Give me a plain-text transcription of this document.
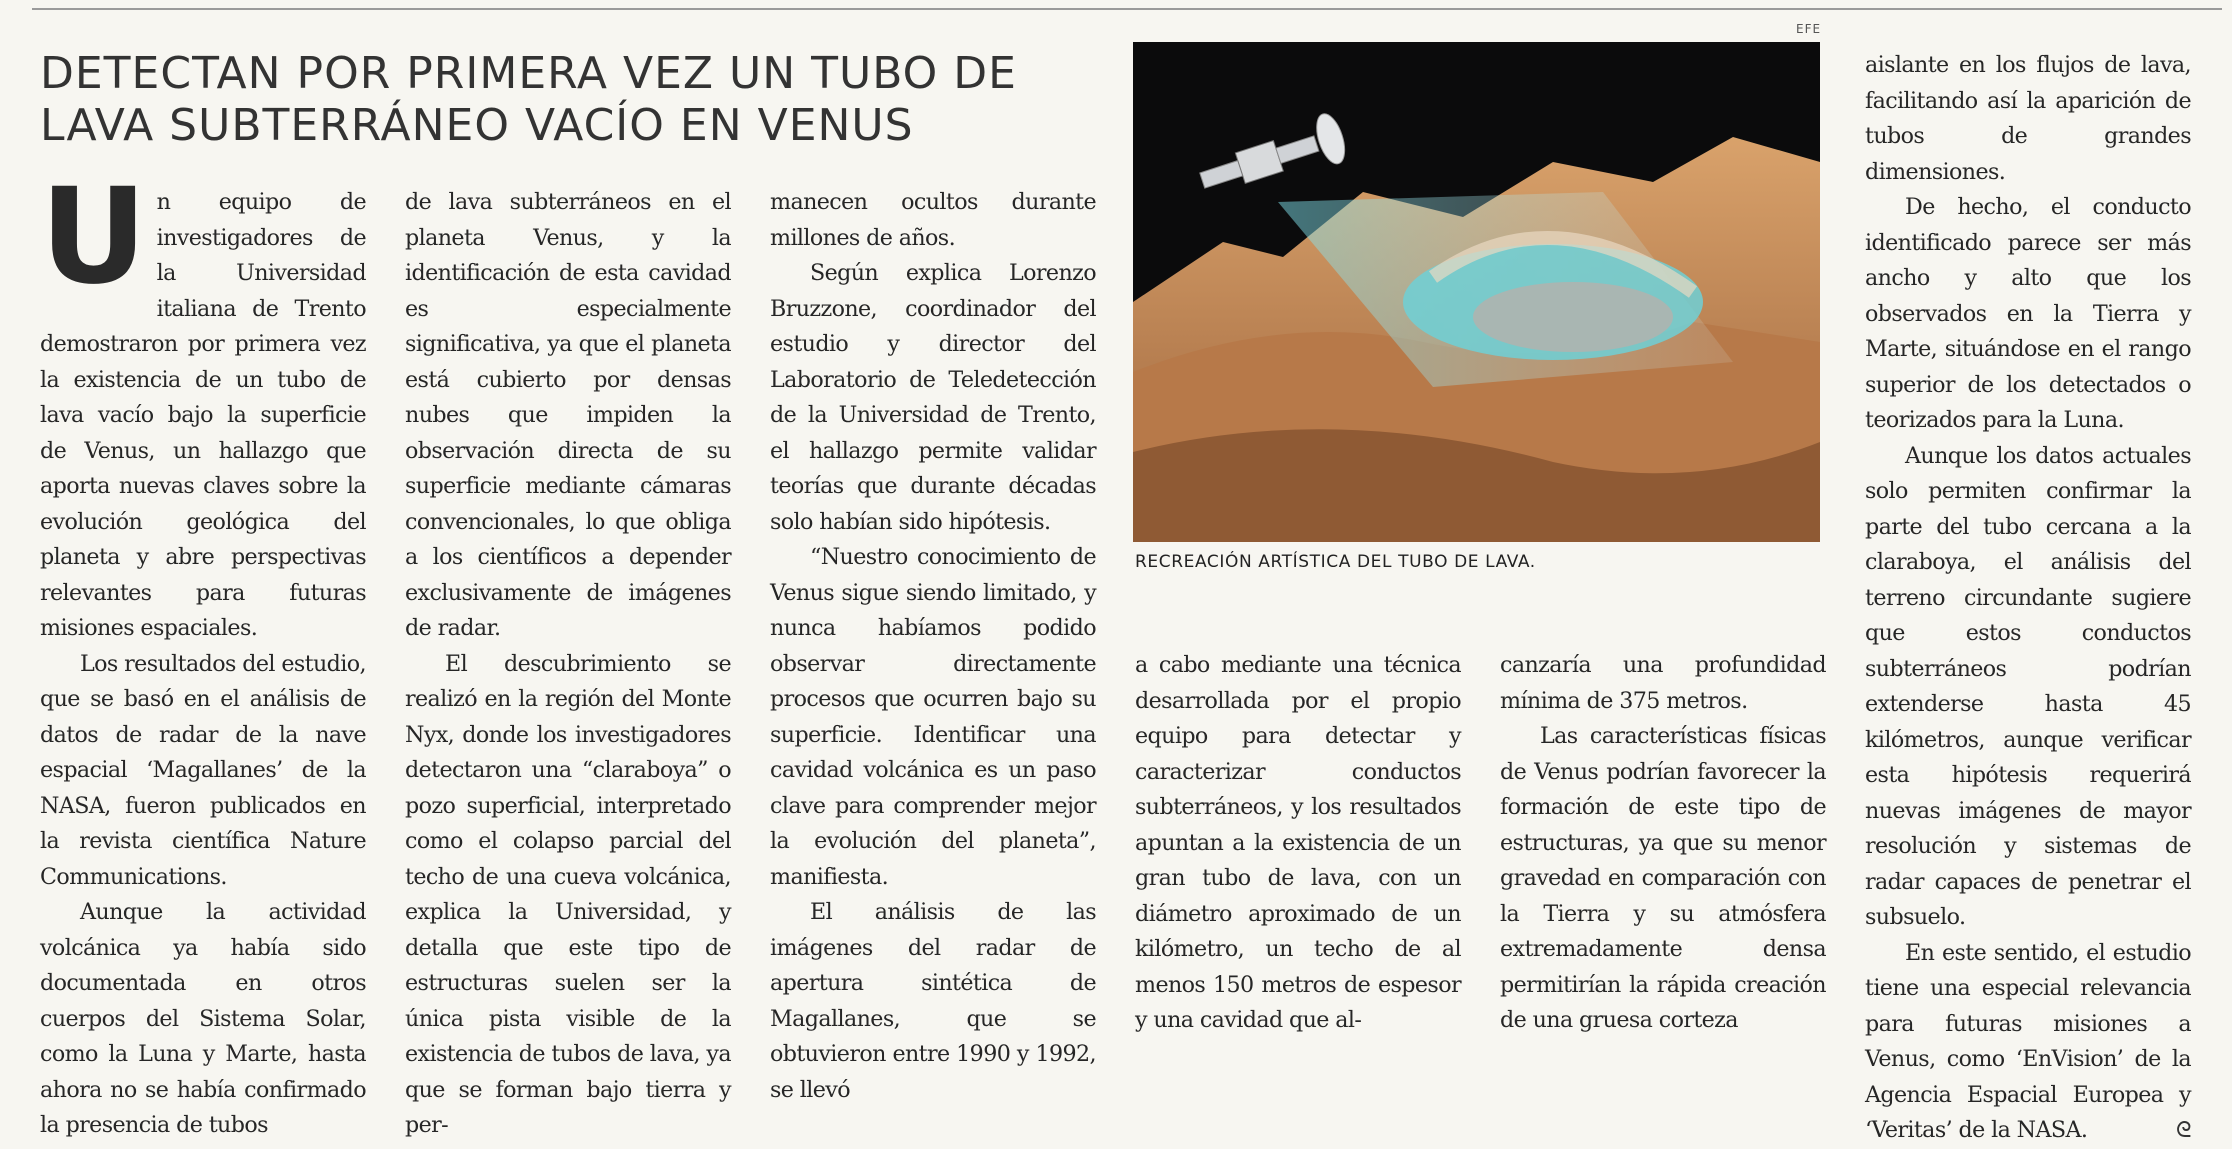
DETECTAN POR PRIMERA VEZ UN TUBO DE LAVA SUBTERRÁNEO VACÍO EN VENUS

Un equipo de investigadores de la Universidad italiana de Trento demostraron por primera vez la existencia de un tubo de lava vacío bajo la superficie de Venus, un hallazgo que aporta nuevas claves sobre la evolución geológica del planeta y abre perspectivas relevantes para futuras misiones espaciales.

Los resultados del estudio, que se basó en el análisis de datos de radar de la nave espacial ‘Magallanes’ de la NASA, fueron publicados en la revista científica Nature Communications.

Aunque la actividad volcánica ya había sido documentada en otros cuerpos del Sistema Solar, como la Luna y Marte, hasta ahora no se había confirmado la presencia de tubos

de lava subterráneos en el planeta Venus, y la identificación de esta cavidad es especialmente significativa, ya que el planeta está cubierto por densas nubes que impiden la observación directa de su superficie mediante cámaras convencionales, lo que obliga a los científicos a depender exclusivamente de imágenes de radar.

El descubrimiento se realizó en la región del Monte Nyx, donde los investigadores detectaron una “claraboya” o pozo superficial, interpretado como el colapso parcial del techo de una cueva volcánica, explica la Universidad, y detalla que este tipo de estructuras suelen ser la única pista visible de la existencia de tubos de lava, ya que se forman bajo tierra y per-

manecen ocultos durante millones de años.

Según explica Lorenzo Bruzzone, coordinador del estudio y director del Laboratorio de Teledetección de la Universidad de Trento, el hallazgo permite validar teorías que durante décadas solo habían sido hipótesis.

“Nuestro conocimiento de Venus sigue siendo limitado, y nunca habíamos podido observar directamente procesos que ocurren bajo su superficie. Identificar una cavidad volcánica es un paso clave para comprender mejor la evolución del planeta”, manifiesta.

El análisis de las imágenes del radar de apertura sintética de Magallanes, que se obtuvieron entre 1990 y 1992, se llevó

EFE
RECREACIÓN ARTÍSTICA DEL TUBO DE LAVA.

a cabo mediante una técnica desarrollada por el propio equipo para detectar y caracterizar conductos subterráneos, y los resultados apuntan a la existencia de un gran tubo de lava, con un diámetro aproximado de un kilómetro, un techo de al menos 150 metros de espesor y una cavidad que al-

canzaría una profundidad mínima de 375 metros.

Las características físicas de Venus podrían favorecer la formación de este tipo de estructuras, ya que su menor gravedad en comparación con la Tierra y su atmósfera extremadamente densa permitirían la rápida creación de una gruesa corteza

aislante en los flujos de lava, facilitando así la aparición de tubos de grandes dimensiones.

De hecho, el conducto identificado parece ser más ancho y alto que los observados en la Tierra y Marte, situándose en el rango superior de los detectados o teorizados para la Luna.

Aunque los datos actuales solo permiten confirmar la parte del tubo cercana a la claraboya, el análisis del terreno circundante sugiere que estos conductos subterráneos podrían extenderse hasta 45 kilómetros, aunque verificar esta hipótesis requerirá nuevas imágenes de mayor resolución y sistemas de radar capaces de penetrar el subsuelo.

En este sentido, el estudio tiene una especial relevancia para futuras misiones a Venus, como ‘EnVision’ de la Agencia Espacial Europea y ‘Veritas’ de la NASA.	ᘓ
